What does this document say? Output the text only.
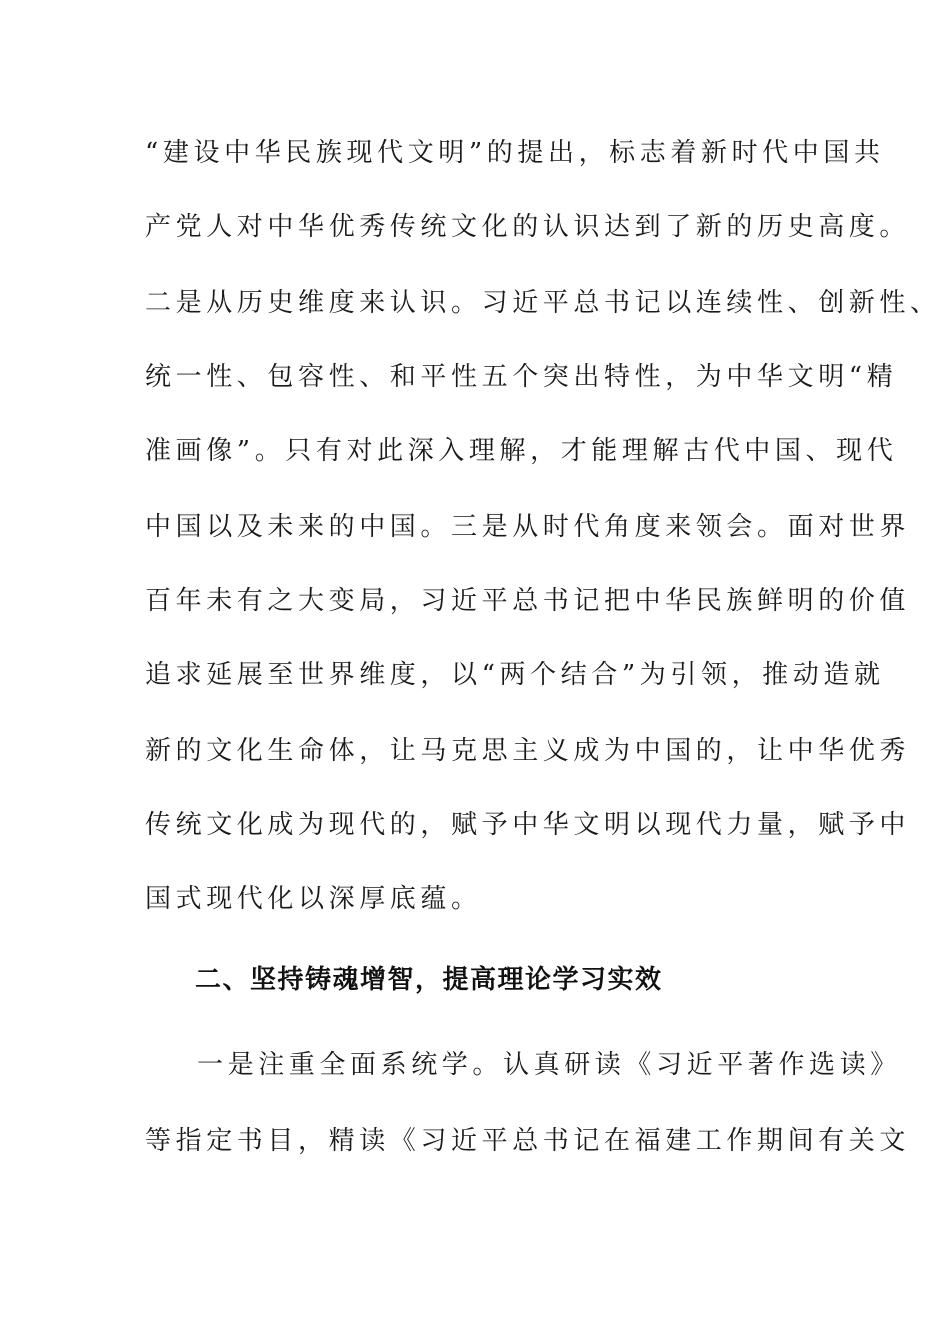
“建设中华民族现代文明”的提出，标志着新时代中国共
产党人对中华优秀传统文化的认识达到了新的历史高度。
二是从历史维度来认识。习近平总书记以连续性、创新性、
统一性、包容性、和平性五个突出特性，为中华文明“精
准画像”。只有对此深入理解，才能理解古代中国、现代
中国以及未来的中国。三是从时代角度来领会。面对世界
百年未有之大变局，习近平总书记把中华民族鲜明的价值
追求延展至世界维度，以“两个结合”为引领，推动造就
新的文化生命体，让马克思主义成为中国的，让中华优秀
传统文化成为现代的，赋予中华文明以现代力量，赋予中
国式现代化以深厚底蕴。
二、坚持铸魂增智，提高理论学习实效
一是注重全面系统学。认真研读《习近平著作选读》
等指定书目，精读《习近平总书记在福建工作期间有关文
